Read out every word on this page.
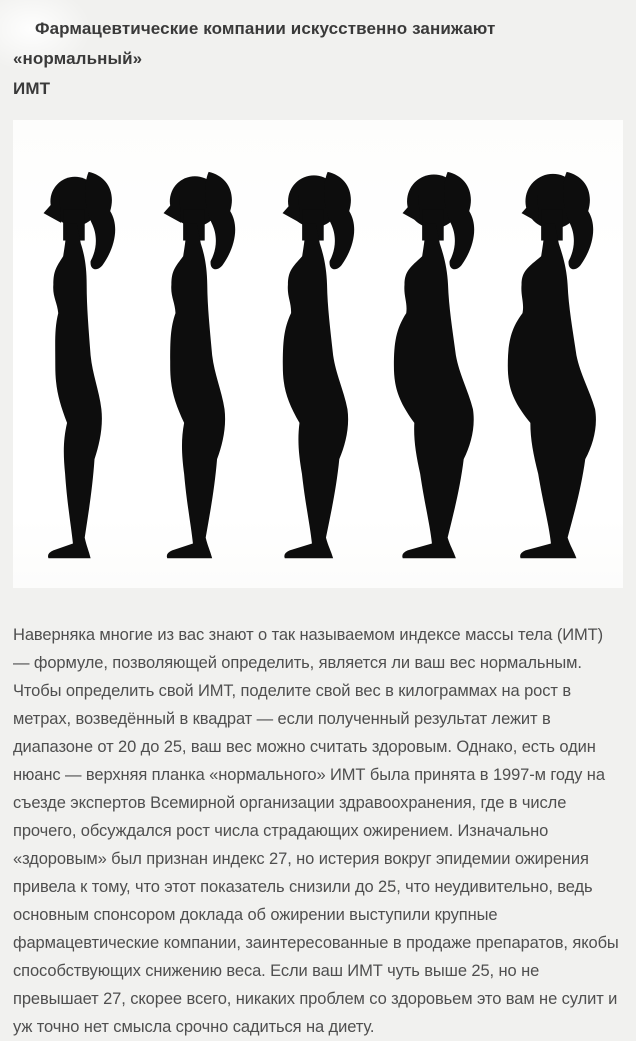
Фармацевтические компании искусственно занижают «нормальный»
ИМТ

Наверняка многие из вас знают о так называемом индексе массы тела (ИМТ) — формуле, позволяющей определить, является ли ваш вес нормальным. Чтобы определить свой ИМТ, поделите свой вес в килограммах на рост в метрах, возведённый в квадрат — если полученный результат лежит в диапазоне от 20 до 25, ваш вес можно считать здоровым. Однако, есть один нюанс — верхняя планка «нормального» ИМТ была принята в 1997-м году на съезде экспертов Всемирной организации здравоохранения, где в числе прочего, обсуждался рост числа страдающих ожирением. Изначально «здоровым» был признан индекс 27, но истерия вокруг эпидемии ожирения привела к тому, что этот показатель снизили до 25, что неудивительно, ведь основным спонсором доклада об ожирении выступили крупные фармацевтические компании, заинтересованные в продаже препаратов, якобы способствующих снижению веса. Если ваш ИМТ чуть выше 25, но не превышает 27, скорее всего, никаких проблем со здоровьем это вам не сулит и уж точно нет смысла срочно садиться на диету.
